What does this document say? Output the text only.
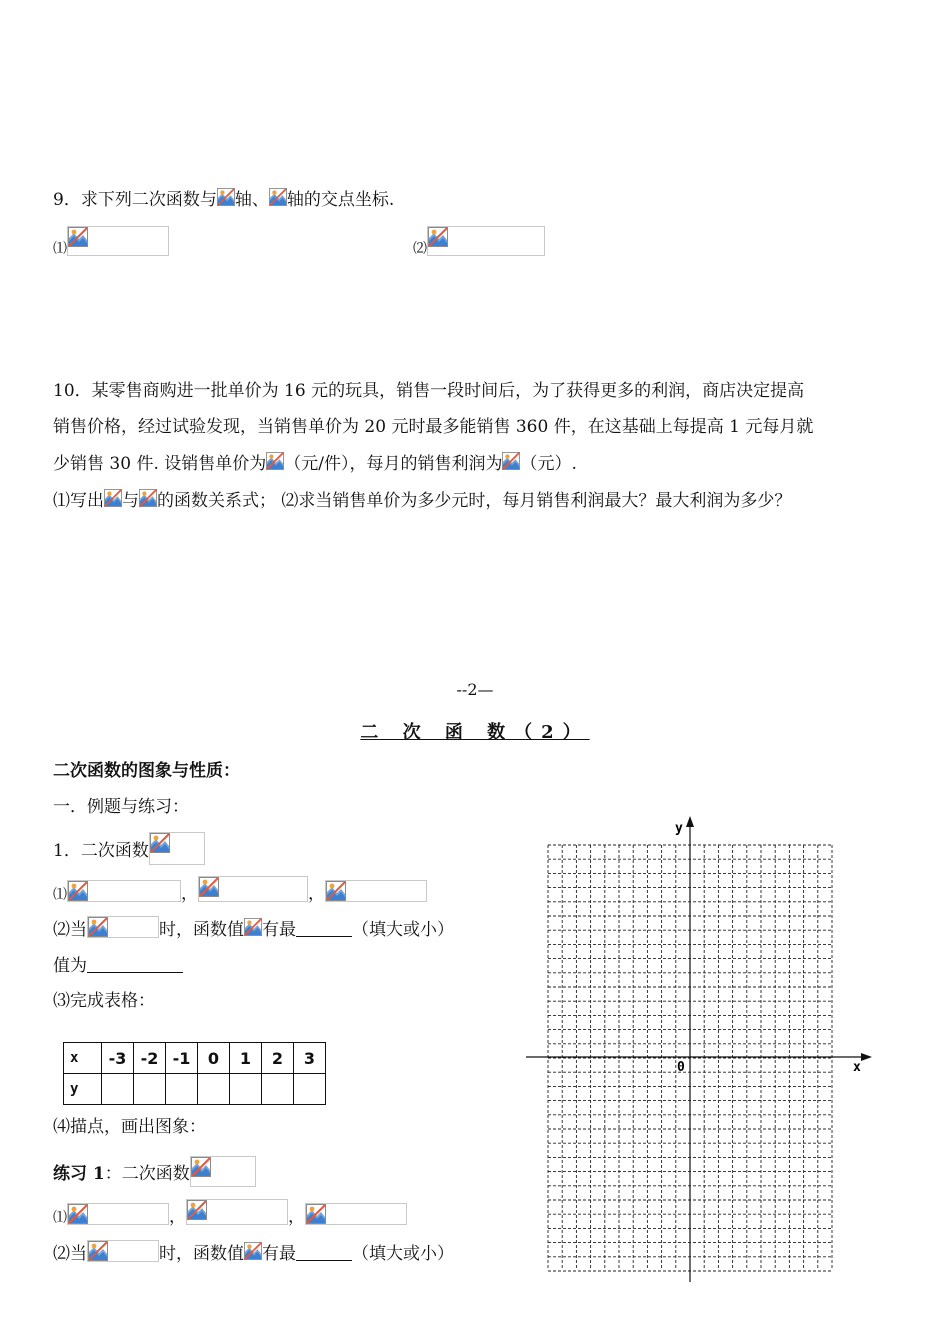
9．求下列二次函数与 轴、 轴的交点坐标.
⑴	⑵
10．某零售商购进一批单价为 16 元的玩具，销售一段时间后，为了获得更多的利润，商店决定提高
销售价格，经过试验发现，当销售单价为 20 元时最多能销售 360 件，在这基础上每提高 1 元每月就
少销售 30 件. 设销售单价为 （元/件），每月的销售利润为 （元）.
⑴写出 与 的函数关系式； ⑵求当销售单价为多少元时，每月销售利润最大？最大利润为多少？
--2—
二 次 函 数（2）
二次函数的图象与性质：
一．例题与练习：
1．二次函数
⑴	，	，
⑵当	时，函数值 有最	（填大或小）
值为
⑶完成表格：
x	-3	-2	-1	0	1	2	3
y							
⑷描点，画出图象：
练习 1：二次函数
⑴	，	，
⑵当	时，函数值 有最	（填大或小）
y
x
0
